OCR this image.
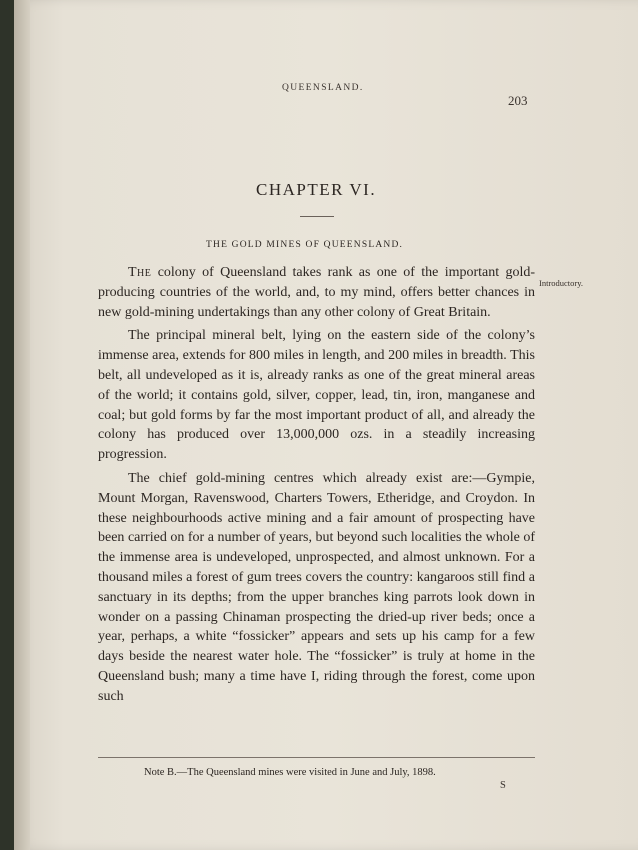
QUEENSLAND.
203
CHAPTER VI.
THE GOLD MINES OF QUEENSLAND.
Introductory.

The colony of Queensland takes rank as one of the important gold-producing countries of the world, and, to my mind, offers better chances in new gold-mining undertakings than any other colony of Great Britain.

The principal mineral belt, lying on the eastern side of the colony’s immense area, extends for 800 miles in length, and 200 miles in breadth. This belt, all undeveloped as it is, already ranks as one of the great mineral areas of the world; it contains gold, silver, copper, lead, tin, iron, manganese and coal; but gold forms by far the most important product of all, and already the colony has produced over 13,000,000 ozs. in a steadily increasing progression.

The chief gold-mining centres which already exist are:—Gympie, Mount Morgan, Ravenswood, Charters Towers, Etheridge, and Croydon. In these neighbourhoods active mining and a fair amount of prospecting have been carried on for a number of years, but beyond such localities the whole of the immense area is undeveloped, unprospected, and almost unknown. For a thousand miles a forest of gum trees covers the country: kangaroos still find a sanctuary in its depths; from the upper branches king parrots look down in wonder on a passing Chinaman prospecting the dried-up river beds; once a year, perhaps, a white “fossicker” appears and sets up his camp for a few days beside the nearest water hole. The “fossicker” is truly at home in the Queensland bush; many a time have I, riding through the forest, come upon such

Note B.—The Queensland mines were visited in June and July, 1898.
S
